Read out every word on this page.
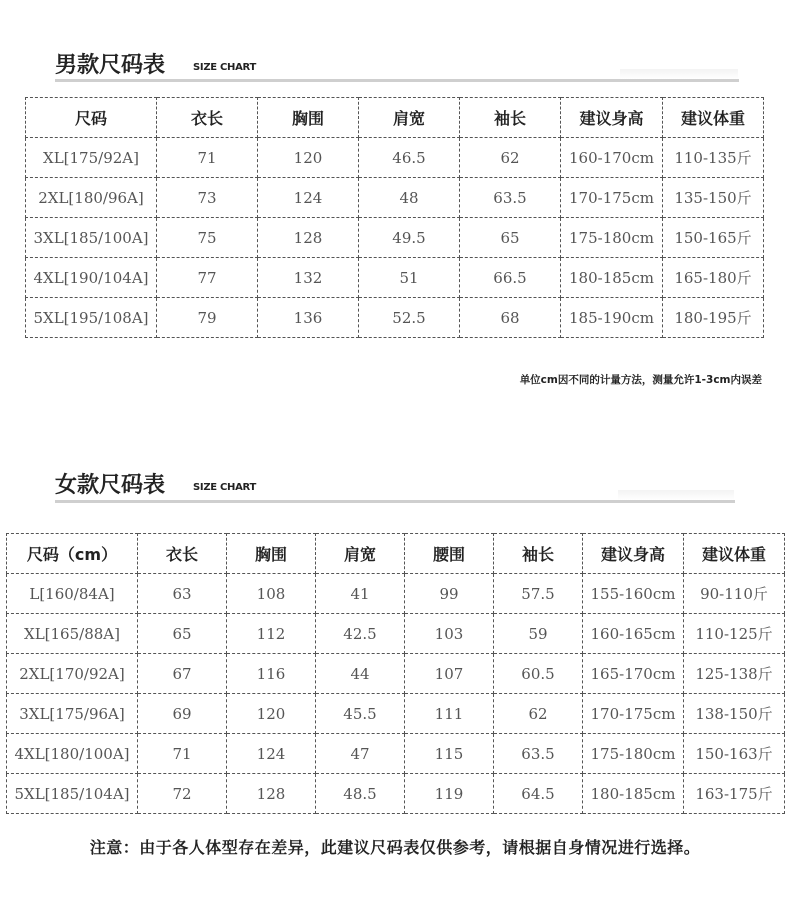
男款尺码表	SIZE CHART
尺码	衣长	胸围	肩宽	袖长	建议身高	建议体重
XL[175/92A]	71	120	46.5	62	160-170cm	110-135斤
2XL[180/96A]	73	124	48	63.5	170-175cm	135-150斤
3XL[185/100A]	75	128	49.5	65	175-180cm	150-165斤
4XL[190/104A]	77	132	51	66.5	180-185cm	165-180斤
5XL[195/108A]	79	136	52.5	68	185-190cm	180-195斤
单位cm因不同的计量方法，测量允许1-3cm内误差
女款尺码表	SIZE CHART
尺码（cm）	衣长	胸围	肩宽	腰围	袖长	建议身高	建议体重
L[160/84A]	63	108	41	99	57.5	155-160cm	90-110斤
XL[165/88A]	65	112	42.5	103	59	160-165cm	110-125斤
2XL[170/92A]	67	116	44	107	60.5	165-170cm	125-138斤
3XL[175/96A]	69	120	45.5	111	62	170-175cm	138-150斤
4XL[180/100A]	71	124	47	115	63.5	175-180cm	150-163斤
5XL[185/104A]	72	128	48.5	119	64.5	180-185cm	163-175斤
注意：由于各人体型存在差异，此建议尺码表仅供参考，请根据自身情况进行选择。
